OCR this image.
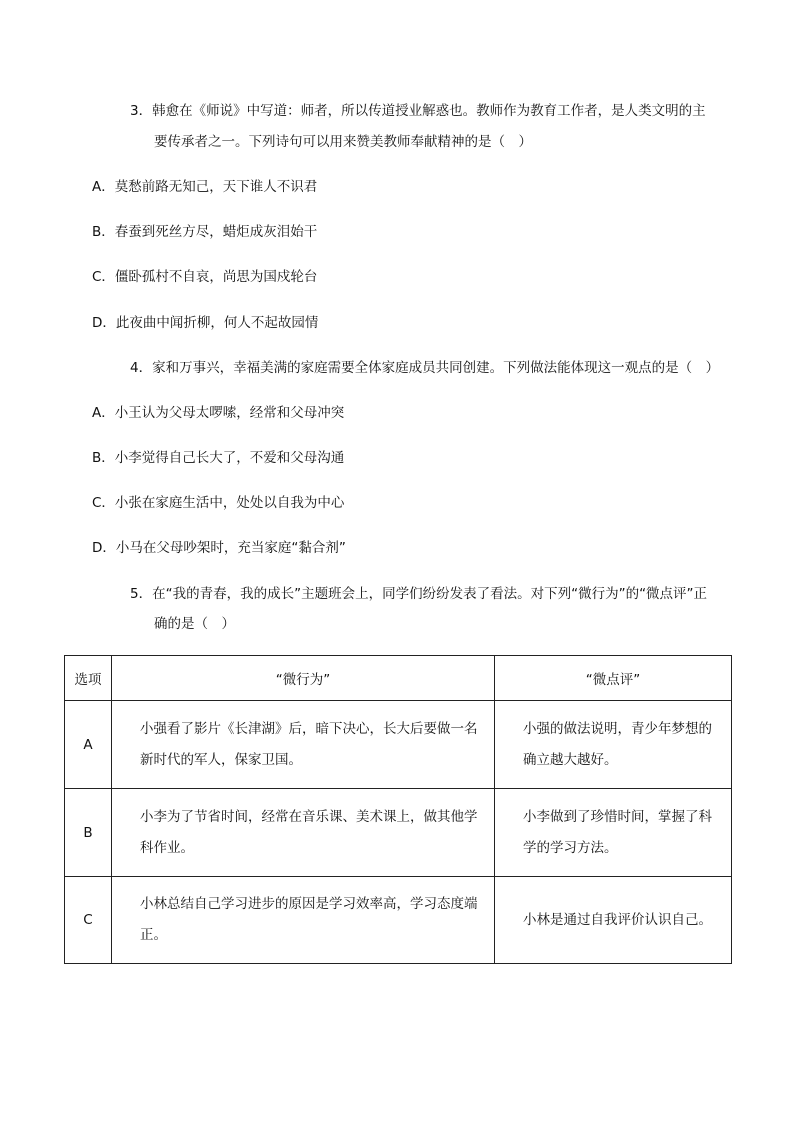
3．韩愈在《师说》中写道：师者，所以传道授业解惑也。教师作为教育工作者，是人类文明的主
要传承者之一。下列诗句可以用来赞美教师奉献精神的是（　）
A．莫愁前路无知己，天下谁人不识君
B．春蚕到死丝方尽，蜡炬成灰泪始干
C．僵卧孤村不自哀，尚思为国戍轮台
D．此夜曲中闻折柳，何人不起故园情
4．家和万事兴，幸福美满的家庭需要全体家庭成员共同创建。下列做法能体现这一观点的是（　）
A．小王认为父母太啰嗦，经常和父母冲突
B．小李觉得自己长大了，不爱和父母沟通
C．小张在家庭生活中，处处以自我为中心
D．小马在父母吵架时，充当家庭“黏合剂”
5．在“我的青春，我的成长”主题班会上，同学们纷纷发表了看法。对下列“微行为”的“微点评”正
确的是（　）
选项	“微行为”	“微点评”
A	小强看了影片《长津湖》后，暗下决心，长大后要做一名新时代的军人，保家卫国。	小强的做法说明，青少年梦想的确立越大越好。

B	小李为了节省时间，经常在音乐课、美术课上，做其他学科作业。	小李做到了珍惜时间，掌握了科学的学习方法。

C	小林总结自己学习进步的原因是学习效率高，学习态度端正。	小林是通过自我评价认识自己。
